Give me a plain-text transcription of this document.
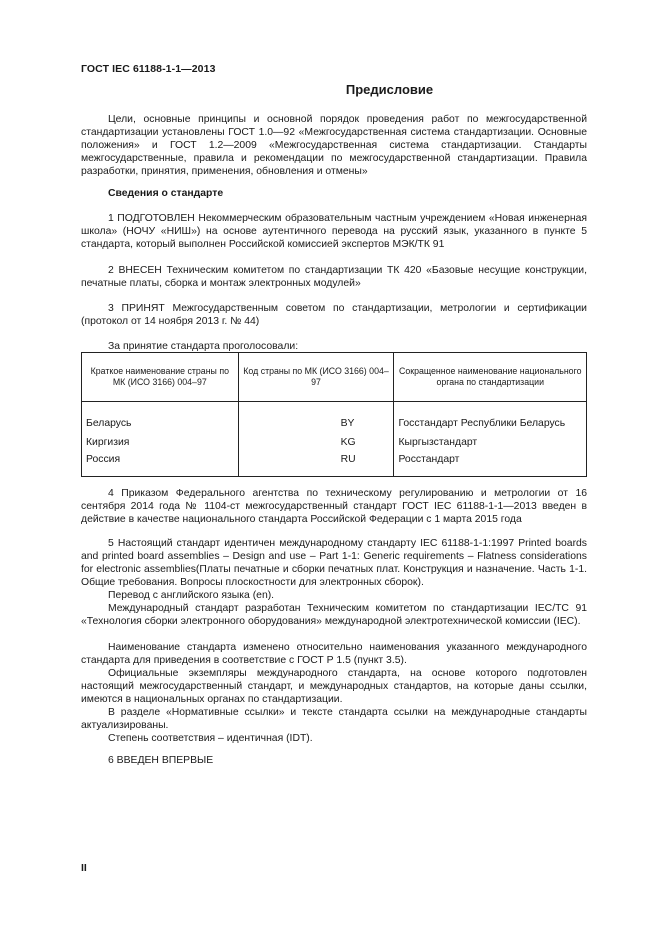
ГОСТ IEC 61188-1-1—2013
Предисловие

Цели, основные принципы и основной порядок проведения работ по межгосударственной стандартизации установлены ГОСТ 1.0—92 «Межгосударственная система стандартизации. Основные положения» и ГОСТ 1.2—2009 «Межгосударственная система стандартизации. Стандарты межгосударственные, правила и рекомендации по межгосударственной стандартизации. Правила разработки, принятия, применения, обновления и отмены»

Сведения о стандарте

1 ПОДГОТОВЛЕН Некоммерческим образовательным частным учреждением «Новая инженерная школа» (НОЧУ «НИШ») на основе аутентичного перевода на русский язык, указанного в пункте 5 стандарта, который выполнен Российской комиссией экспертов МЭК/ТК 91

2 ВНЕСЕН Техническим комитетом по стандартизации ТК 420 «Базовые несущие конструкции, печатные платы, сборка и монтаж электронных модулей»

3 ПРИНЯТ Межгосударственным советом по стандартизации, метрологии и сертификации (протокол от 14 ноября 2013 г. № 44)

За принятие стандарта проголосовали:

Краткое наименование страны по МК (ИСО 3166) 004–97	Код страны по МК (ИСО 3166) 004–97	Сокращенное наименование национального органа по стандартизации

Беларусь	BY	Госстандарт Республики Беларусь
Киргизия	KG	Кыргызстандарт
Россия	RU	Росстандарт

4 Приказом Федерального агентства по техническому регулированию и метрологии от 16 сентября 2014 года № 1104-ст межгосударственный стандарт ГОСТ IEC 61188-1-1—2013 введен в действие в качестве национального стандарта Российской Федерации с 1 марта 2015 года

5 Настоящий стандарт идентичен международному стандарту IEC 61188-1-1:1997 Printed boards and printed board assemblies – Design and use – Part 1-1: Generic requirements – Flatness considerations for electronic assemblies(Платы печатные и сборки печатных плат. Конструкция и назначение. Часть 1-1. Общие требования. Вопросы плоскостности для электронных сборок).

Перевод с английского языка (en).

Международный стандарт разработан Техническим комитетом по стандартизации IEC/TC 91 «Технология сборки электронного оборудования» международной электротехнической комиссии (IEC).

Наименование стандарта изменено относительно наименования указанного международного стандарта для приведения в соответствие с ГОСТ Р 1.5 (пункт 3.5).

Официальные экземпляры международного стандарта, на основе которого подготовлен настоящий межгосударственный стандарт, и международных стандартов, на которые даны ссылки, имеются в национальных органах по стандартизации.

В разделе «Нормативные ссылки» и тексте стандарта ссылки на международные стандарты актуализированы.

Степень соответствия – идентичная (IDT).

6 ВВЕДЕН ВПЕРВЫЕ

II
